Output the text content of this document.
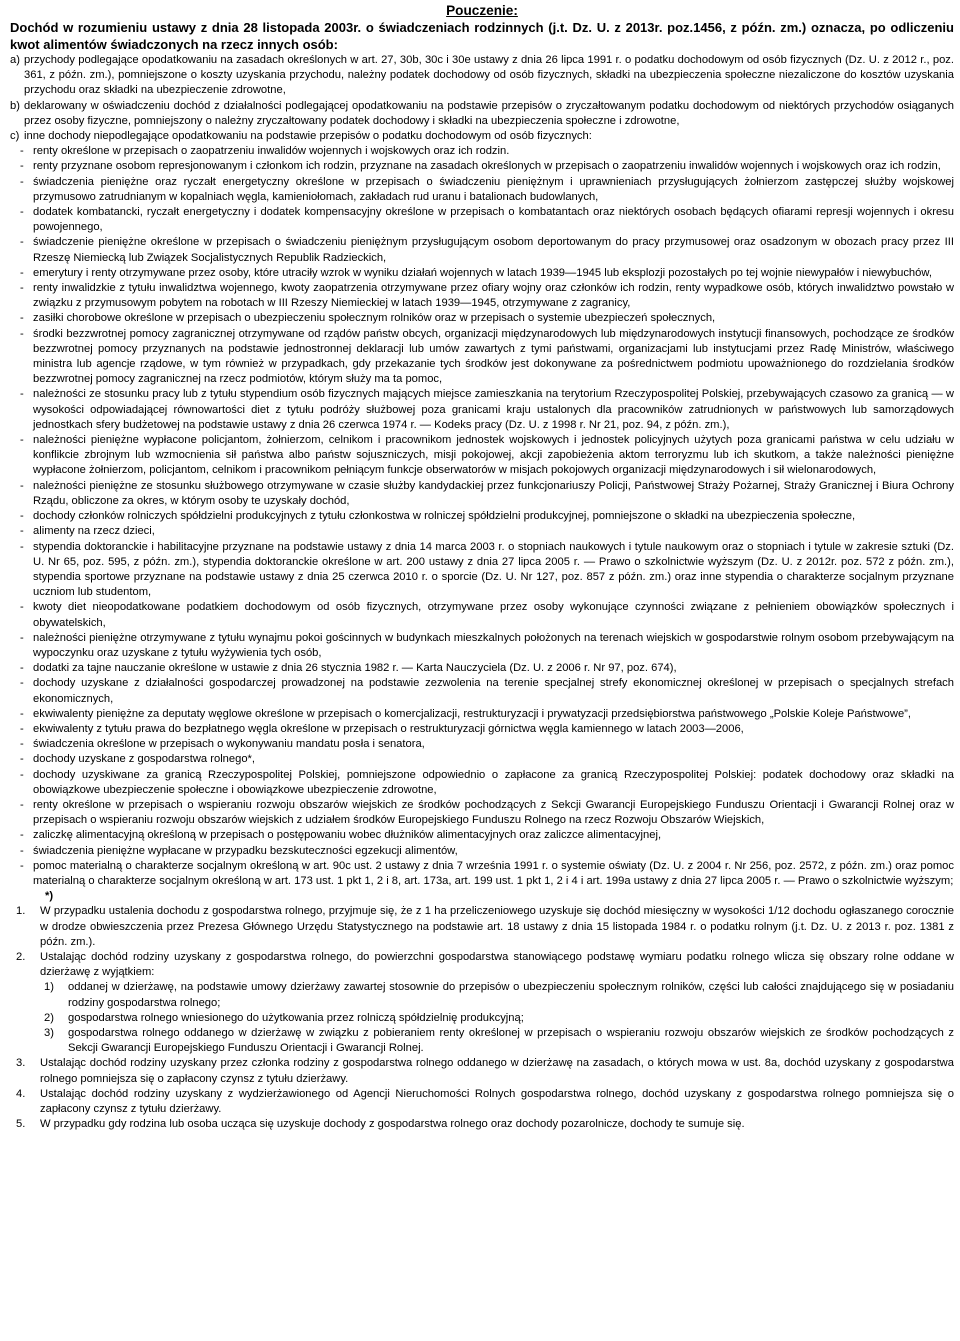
Pouczenie:
Dochód w rozumieniu ustawy z dnia 28 listopada 2003r. o świadczeniach rodzinnych (j.t. Dz. U. z 2013r. poz.1456, z późn. zm.) oznacza, po odliczeniu kwot alimentów świadczonych na rzecz innych osób:
a) przychody podlegające opodatkowaniu na zasadach określonych w art. 27, 30b, 30c i 30e ustawy z dnia 26 lipca 1991 r. o podatku dochodowym od osób fizycznych (Dz. U. z 2012 r., poz. 361, z późn. zm.), pomniejszone o koszty uzyskania przychodu, należny podatek dochodowy od osób fizycznych, składki na ubezpieczenia społeczne niezaliczone do kosztów uzyskania przychodu oraz składki na ubezpieczenie zdrowotne,
b) deklarowany w oświadczeniu dochód z działalności podlegającej opodatkowaniu na podstawie przepisów o zryczałtowanym podatku dochodowym od niektórych przychodów osiąganych przez osoby fizyczne, pomniejszony o należny zryczałtowany podatek dochodowy i składki na ubezpieczenia społeczne i zdrowotne,
c) inne dochody niepodlegające opodatkowaniu na podstawie przepisów o podatku dochodowym od osób fizycznych:
- renty określone w przepisach o zaopatrzeniu inwalidów wojennych i wojskowych oraz ich rodzin.
- renty przyznane osobom represjonowanym i członkom ich rodzin, przyznane na zasadach określonych w przepisach o zaopatrzeniu inwalidów wojennych i wojskowych oraz ich rodzin,
- świadczenia pieniężne oraz ryczałt energetyczny określone w przepisach o świadczeniu pieniężnym i uprawnieniach przysługujących żołnierzom zastępczej służby wojskowej przymusowo zatrudnianym w kopalniach węgla, kamieniołomach, zakładach rud uranu i batalionach budowlanych,
- dodatek kombatancki, ryczałt energetyczny i dodatek kompensacyjny określone w przepisach o kombatantach oraz niektórych osobach będących ofiarami represji wojennych i okresu powojennego,
- świadczenie pieniężne określone w przepisach o świadczeniu pieniężnym przysługującym osobom deportowanym do pracy przymusowej oraz osadzonym w obozach pracy przez III Rzeszę Niemiecką lub Związek Socjalistycznych Republik Radzieckich,
- emerytury i renty otrzymywane przez osoby, które utraciły wzrok w wyniku działań wojennych w latach 1939—1945 lub eksplozji pozostałych po tej wojnie niewypałów i niewybuchów,
- renty inwalidzkie z tytułu inwalidztwa wojennego, kwoty zaopatrzenia otrzymywane przez ofiary wojny oraz członków ich rodzin, renty wypadkowe osób, których inwalidztwo powstało w związku z przymusowym pobytem na robotach w III Rzeszy Niemieckiej w latach 1939—1945, otrzymywane z zagranicy,
- zasiłki chorobowe określone w przepisach o ubezpieczeniu społecznym rolników oraz w przepisach o systemie ubezpieczeń społecznych,
- środki bezzwrotnej pomocy zagranicznej otrzymywane od rządów państw obcych, organizacji międzynarodowych lub międzynarodowych instytucji finansowych, pochodzące ze środków bezzwrotnej pomocy przyznanych na podstawie jednostronnej deklaracji lub umów zawartych z tymi państwami, organizacjami lub instytucjami przez Radę Ministrów, właściwego ministra lub agencje rządowe, w tym również w przypadkach, gdy przekazanie tych środków jest dokonywane za pośrednictwem podmiotu upoważnionego do rozdzielania środków bezzwrotnej pomocy zagranicznej na rzecz podmiotów, którym służy ma ta pomoc,
- należności ze stosunku pracy lub z tytułu stypendium osób fizycznych mających miejsce zamieszkania na terytorium Rzeczypospolitej Polskiej, przebywających czasowo za granicą — w wysokości odpowiadającej równowartości diet z tytułu podróży służbowej poza granicami kraju ustalonych dla pracowników zatrudnionych w państwowych lub samorządowych jednostkach sfery budżetowej na podstawie ustawy z dnia 26 czerwca 1974 r. — Kodeks pracy (Dz. U. z 1998 r. Nr 21, poz. 94, z późn. zm.),
- należności pieniężne wypłacone policjantom, żołnierzom, celnikom i pracownikom jednostek wojskowych i jednostek policyjnych użytych poza granicami państwa w celu udziału w konflikcie zbrojnym lub wzmocnienia sił państwa albo państw sojuszniczych, misji pokojowej, akcji zapobieżenia aktom terroryzmu lub ich skutkom, a także należności pieniężne wypłacone żołnierzom, policjantom, celnikom i pracownikom pełniącym funkcje obserwatorów w misjach pokojowych organizacji międzynarodowych i sił wielonarodowych,
- należności pieniężne ze stosunku służbowego otrzymywane w czasie służby kandydackiej przez funkcjonariuszy Policji, Państwowej Straży Pożarnej, Straży Granicznej i Biura Ochrony Rządu, obliczone za okres, w którym osoby te uzyskały dochód,
- dochody członków rolniczych spółdzielni produkcyjnych z tytułu członkostwa w rolniczej spółdzielni produkcyjnej, pomniejszone o składki na ubezpieczenia społeczne,
- alimenty na rzecz dzieci,
- stypendia doktoranckie i habilitacyjne przyznane na podstawie ustawy z dnia 14 marca 2003 r. o stopniach naukowych i tytule naukowym oraz o stopniach i tytule w zakresie sztuki (Dz. U. Nr 65, poz. 595, z późn. zm.), stypendia doktoranckie określone w art. 200 ustawy z dnia 27 lipca 2005 r. — Prawo o szkolnictwie wyższym (Dz. U. z 2012r. poz. 572 z późn. zm.), stypendia sportowe przyznane na podstawie ustawy z dnia 25 czerwca 2010 r. o sporcie (Dz. U. Nr 127, poz. 857 z późn. zm.) oraz inne stypendia o charakterze socjalnym przyznane uczniom lub studentom,
- kwoty diet nieopodatkowane podatkiem dochodowym od osób fizycznych, otrzymywane przez osoby wykonujące czynności związane z pełnieniem obowiązków społecznych i obywatelskich,
- należności pieniężne otrzymywane z tytułu wynajmu pokoi gościnnych w budynkach mieszkalnych położonych na terenach wiejskich w gospodarstwie rolnym osobom przebywającym na wypoczynku oraz uzyskane z tytułu wyżywienia tych osób,
- dodatki za tajne nauczanie określone w ustawie z dnia 26 stycznia 1982 r. — Karta Nauczyciela (Dz. U. z 2006 r. Nr 97, poz. 674),
- dochody uzyskane z działalności gospodarczej prowadzonej na podstawie zezwolenia na terenie specjalnej strefy ekonomicznej określonej w przepisach o specjalnych strefach ekonomicznych,
- ekwiwalenty pieniężne za deputaty węglowe określone w przepisach o komercjalizacji, restrukturyzacji i prywatyzacji przedsiębiorstwa państwowego „Polskie Koleje Państwowe”,
- ekwiwalenty z tytułu prawa do bezpłatnego węgla określone w przepisach o restrukturyzacji górnictwa węgla kamiennego w latach 2003—2006,
- świadczenia określone w przepisach o wykonywaniu mandatu posła i senatora,
- dochody uzyskane z gospodarstwa rolnego*,
- dochody uzyskiwane za granicą Rzeczypospolitej Polskiej, pomniejszone odpowiednio o zapłacone za granicą Rzeczypospolitej Polskiej: podatek dochodowy oraz składki na obowiązkowe ubezpieczenie społeczne i obowiązkowe ubezpieczenie zdrowotne,
- renty określone w przepisach o wspieraniu rozwoju obszarów wiejskich ze środków pochodzących z Sekcji Gwarancji Europejskiego Funduszu Orientacji i Gwarancji Rolnej oraz w przepisach o wspieraniu rozwoju obszarów wiejskich z udziałem środków Europejskiego Funduszu Rolnego na rzecz Rozwoju Obszarów Wiejskich,
- zaliczkę alimentacyjną określoną w przepisach o postępowaniu wobec dłużników alimentacyjnych oraz zaliczce alimentacyjnej,
- świadczenia pieniężne wypłacane w przypadku bezskuteczności egzekucji alimentów,
- pomoc materialną o charakterze socjalnym określoną w art. 90c ust. 2 ustawy z dnia 7 września 1991 r. o systemie oświaty (Dz. U. z 2004 r. Nr 256, poz. 2572, z późn. zm.) oraz pomoc materialną o charakterze socjalnym określoną w art. 173 ust. 1 pkt 1, 2 i 8, art. 173a, art. 199 ust. 1 pkt 1, 2 i 4 i art. 199a ustawy z dnia 27 lipca 2005 r. — Prawo o szkolnictwie wyższym;
*)
1.	W przypadku ustalenia dochodu z gospodarstwa rolnego, przyjmuje się, że z 1 ha przeliczeniowego uzyskuje się dochód miesięczny w wysokości 1/12 dochodu ogłaszanego corocznie w drodze obwieszczenia przez Prezesa Głównego Urzędu Statystycznego na podstawie art. 18 ustawy z dnia 15 listopada 1984 r. o podatku rolnym (j.t. Dz. U. z 2013 r. poz. 1381 z późn. zm.).
2.	Ustalając dochód rodziny uzyskany z gospodarstwa rolnego, do powierzchni gospodarstwa stanowiącego podstawę wymiaru podatku rolnego wlicza się obszary rolne oddane w dzierżawę z wyjątkiem:
1)	oddanej w dzierżawę, na podstawie umowy dzierżawy zawartej stosownie do przepisów o ubezpieczeniu społecznym rolników, części lub całości znajdującego się w posiadaniu rodziny gospodarstwa rolnego;
2)	gospodarstwa rolnego wniesionego do użytkowania przez rolniczą spółdzielnię produkcyjną;
3)	gospodarstwa rolnego oddanego w dzierżawę w związku z pobieraniem renty określonej w przepisach o wspieraniu rozwoju obszarów wiejskich ze środków pochodzących z Sekcji Gwarancji Europejskiego Funduszu Orientacji i Gwarancji Rolnej.
3.	Ustalając dochód rodziny uzyskany przez członka rodziny z gospodarstwa rolnego oddanego w dzierżawę na zasadach, o których mowa w ust. 8a, dochód uzyskany z gospodarstwa rolnego pomniejsza się o zapłacony czynsz z tytułu dzierżawy.
4.	Ustalając dochód rodziny uzyskany z wydzierżawionego od Agencji Nieruchomości Rolnych gospodarstwa rolnego, dochód uzyskany z gospodarstwa rolnego pomniejsza się o zapłacony czynsz z tytułu dzierżawy.
5.	W przypadku gdy rodzina lub osoba ucząca się uzyskuje dochody z gospodarstwa rolnego oraz dochody pozarolnicze, dochody te sumuje się.
